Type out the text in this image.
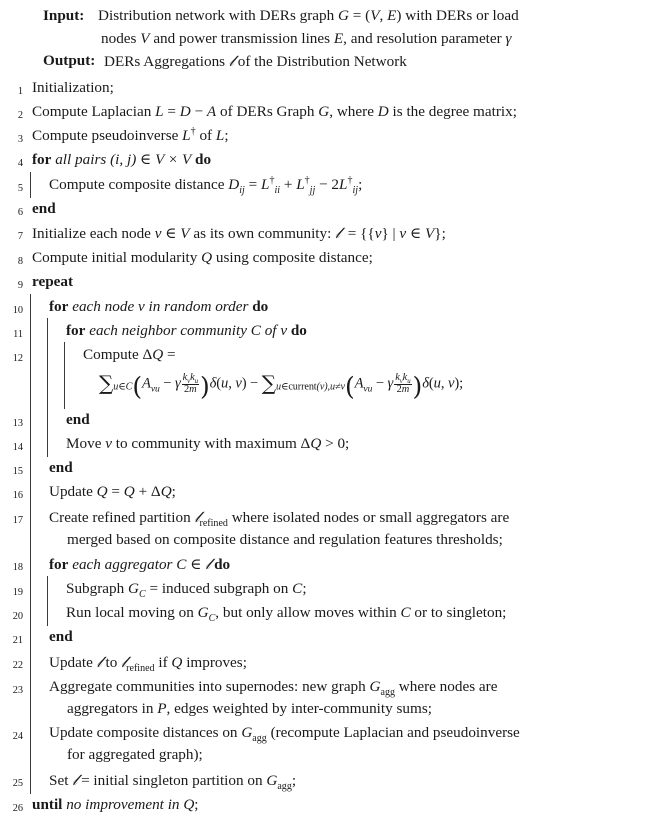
Input: Distribution network with DERs graph G = (V, E) with DERs or load
nodes V and power transmission lines E, and resolution parameter γ
Output: DERs Aggregations 𝓁 of the Distribution Network
1 Initialization;
2 Compute Laplacian L = D − A of DERs Graph G, where D is the degree matrix;
3 Compute pseudoinverse L† of L;
4 for all pairs (i, j) ∈ V × V do
5	Compute composite distance $D_{ij} = L^\dagger_{ii} + L^\dagger_{jj} - 2L^\dagger_{ij}$;
6 end
7 Initialize each node v ∈ V as its own community: 𝓁  = {{v} | v ∈ V};
8 Compute initial modularity Q using composite distance;
9 repeat
10	for each node v in random order do
11	for each neighbor community C of v do
12	Compute ΔQ =
$\sum u\in C(A_{vu} - \gamma \frac{k_vk_u}{2m} )\delta(u$, $v) - \sum u\in current(v),u\ne v(A_{vu} - \gamma \frac{k_vk_u}{2m} )\delta(u$, v);
13	end
14	Move v to community with maximum ΔQ > 0;
15	end
16	Update Q = Q + ΔQ;
17	Create refined partition 𝓁$_{refined}$ where isolated nodes or small aggregators are
merged based on composite distance and regulation features thresholds;
18	for each aggregator C ∈ 𝓁 do
19	Subgraph $G_C$ = induced subgraph on C;
20	Run local moving on $G_C$, but only allow moves within C or to singleton;
21	end
22	Update 𝓁 to 𝓁$_{refined}$ if Q improves;
23	Aggregate communities into supernodes: new graph $G_{agg}$ where nodes are
aggregators in P, edges weighted by inter-community sums;
24	Update composite distances on $G_{agg}$ (recompute Laplacian and pseudoinverse
for aggregated graph);
25	Set 𝓁 = initial singleton partition on $G_{agg}$;
26 until no improvement in Q;
